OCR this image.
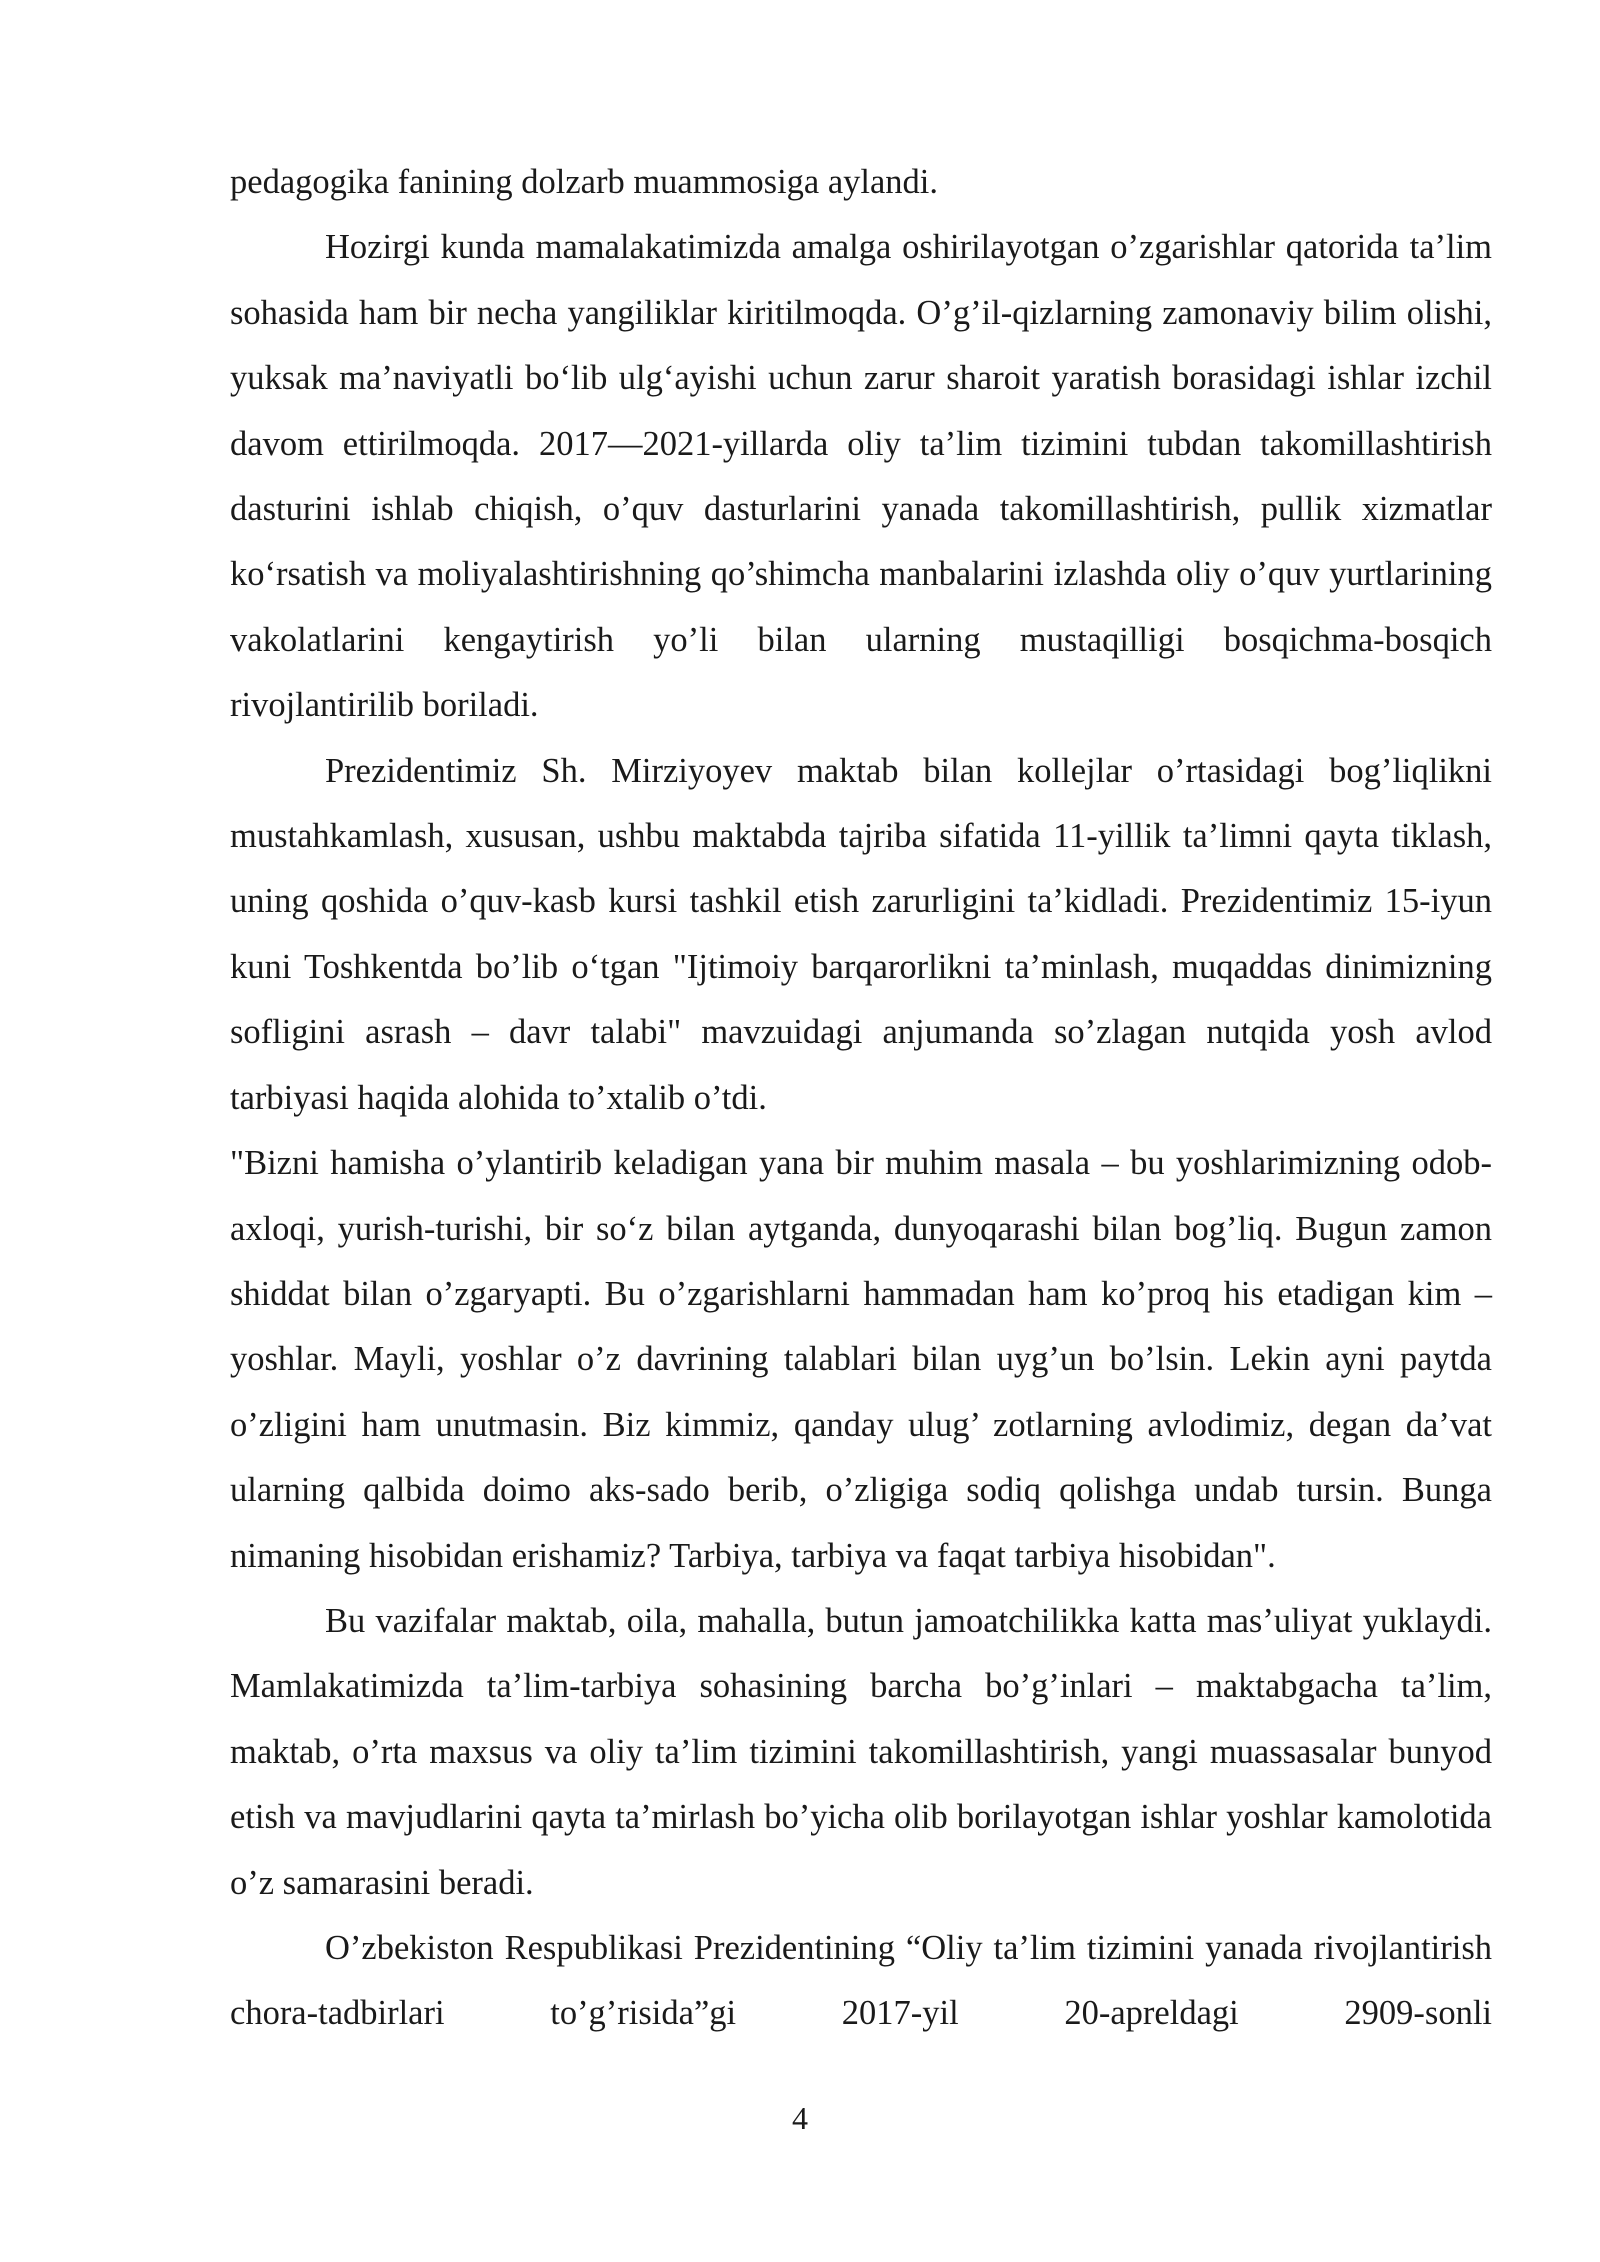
pedagogika fanining dolzarb muammosiga aylandi.

Hozirgi kunda mamalakatimizda amalga oshirilayotgan o’zgarishlar qatorida ta’lim sohasida ham bir necha yangiliklar kiritilmoqda. O’g’il-qizlarning zamonaviy bilim olishi, yuksak ma’naviyatli bo‘lib ulg‘ayishi uchun zarur sharoit yaratish borasidagi ishlar izchil davom ettirilmoqda. 2017—2021-yillarda oliy ta’lim tizimini tubdan takomillashtirish dasturini ishlab chiqish, o’quv dasturlarini yanada takomillashtirish, pullik xizmatlar ko‘rsatish va moliyalashtirishning qo’shimcha manbalarini izlashda oliy o’quv yurtlarining vakolatlarini kengaytirish yo’li bilan ularning mustaqilligi bosqichma-bosqich rivojlantirilib boriladi.

Prezidentimiz Sh. Mirziyoyev maktab bilan kollejlar o’rtasidagi bog’liqlikni mustahkamlash, xususan, ushbu maktabda tajriba sifatida 11-yillik ta’limni qayta tiklash, uning qoshida o’quv-kasb kursi tashkil etish zarurligini ta’kidladi. Prezidentimiz 15-iyun kuni Toshkentda bo’lib o‘tgan "Ijtimoiy barqarorlikni ta’minlash, muqaddas dinimizning sofligini asrash – davr talabi" mavzuidagi anjumanda so’zlagan nutqida yosh avlod tarbiyasi haqida alohida to’xtalib o’tdi.

"Bizni hamisha o’ylantirib keladigan yana bir muhim masala – bu yoshlarimizning odob-axloqi, yurish-turishi, bir so‘z bilan aytganda, dunyoqarashi bilan bog’liq. Bugun zamon shiddat bilan o’zgaryapti. Bu o’zgarishlarni hammadan ham ko’proq his etadigan kim – yoshlar. Mayli, yoshlar o’z davrining talablari bilan uyg’un bo’lsin. Lekin ayni paytda o’zligini ham unutmasin. Biz kimmiz, qanday ulug’ zotlarning avlodimiz, degan da’vat ularning qalbida doimo aks-sado berib, o’zligiga sodiq qolishga undab tursin. Bunga nimaning hisobidan erishamiz? Tarbiya, tarbiya va faqat tarbiya hisobidan".

Bu vazifalar maktab, oila, mahalla, butun jamoatchilikka katta mas’uliyat yuklaydi. Mamlakatimizda ta’lim-tarbiya sohasining barcha bo’g’inlari – maktabgacha ta’lim, maktab, o’rta maxsus va oliy ta’lim tizimini takomillashtirish, yangi muassasalar bunyod etish va mavjudlarini qayta ta’mirlash bo’yicha olib borilayotgan ishlar yoshlar kamolotida o’z samarasini beradi.

O’zbekiston Respublikasi Prezidentining “Oliy ta’lim tizimini yanada rivojlantirish chora-tadbirlari to’g’risida”gi 2017-yil 20-apreldagi 2909-sonli

4
